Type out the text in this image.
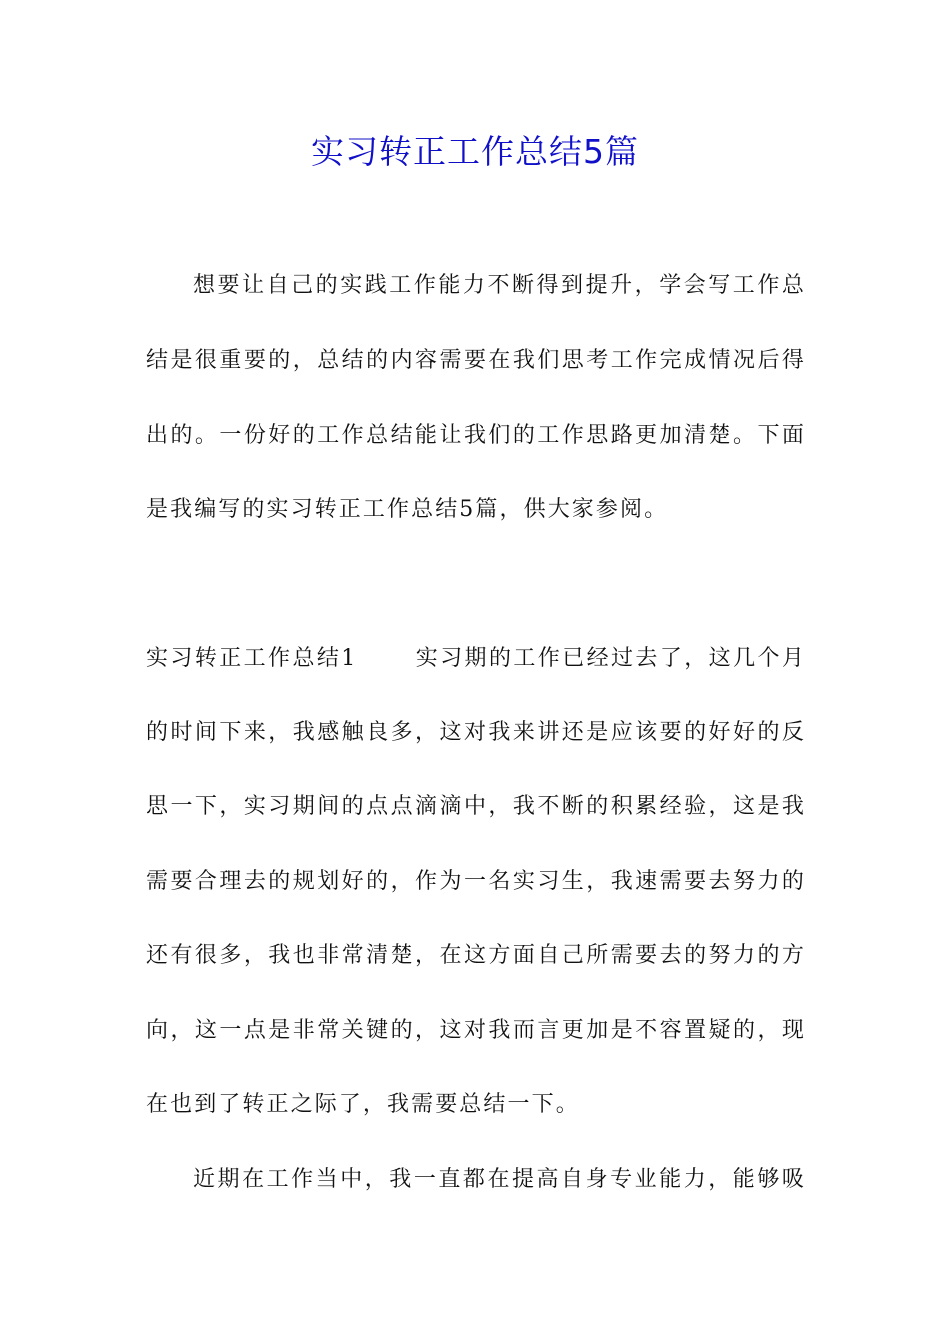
实习转正工作总结5篇

想要让自己的实践工作能力不断得到提升，学会写工作总

结是很重要的，总结的内容需要在我们思考工作完成情况后得

出的。一份好的工作总结能让我们的工作思路更加清楚。下面

是我编写的实习转正工作总结5篇，供大家参阅。

实习转正工作总结1	实习期的工作已经过去了，这几个月

的时间下来，我感触良多，这对我来讲还是应该要的好好的反

思一下，实习期间的点点滴滴中，我不断的积累经验，这是我

需要合理去的规划好的，作为一名实习生，我速需要去努力的

还有很多，我也非常清楚，在这方面自己所需要去的努力的方

向，这一点是非常关键的，这对我而言更加是不容置疑的，现

在也到了转正之际了，我需要总结一下。

近期在工作当中，我一直都在提高自身专业能力，能够吸
